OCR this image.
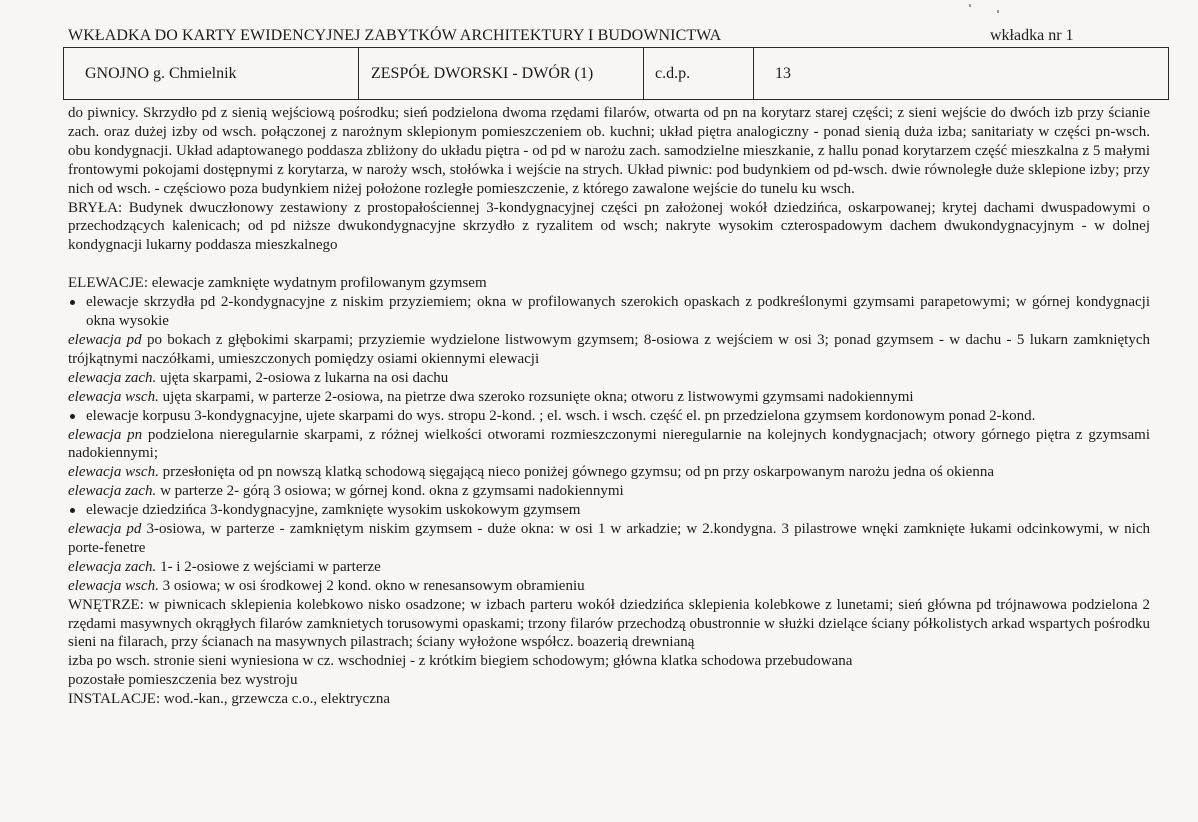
WKŁADKA DO KARTY EWIDENCYJNEJ ZABYTKÓW ARCHITEKTURY I BUDOWNICTWA	wkładka nr 1
GNOJNO g. Chmielnik	ZESPÓŁ DWORSKI - DWÓR (1)	c.d.p.	13
do piwnicy. Skrzydło pd z sienią wejściową pośrodku; sień podzielona dwoma rzędami filarów, otwarta od pn na korytarz starej części; z sieni wejście do dwóch izb przy ścianie zach. oraz dużej izby od wsch. połączonej z narożnym sklepionym pomieszczeniem ob. kuchni; układ piętra analogiczny - ponad sienią duża izba; sanitariaty w części pn-wsch. obu kondygnacji. Układ adaptowanego poddasza zbliżony do układu piętra - od pd w narożu zach. samodzielne mieszkanie, z hallu ponad korytarzem część mieszkalna z 5 małymi frontowymi pokojami dostępnymi z korytarza, w naroży wsch, stołówka i wejście na strych. Układ piwnic: pod budynkiem od pd-wsch. dwie równoległe duże sklepione izby; przy nich od wsch. - częściowo poza budynkiem niżej położone rozległe pomieszczenie, z którego zawalone wejście do tunelu ku wsch.
BRYŁA: Budynek dwuczłonowy zestawiony z prostopałościennej 3-kondygnacyjnej części pn założonej wokół dziedzińca, oskarpowanej; krytej dachami dwuspadowymi o przechodzących kalenicach; od pd niższe dwukondygnacyjne skrzydło z ryzalitem od wsch; nakryte wysokim czterospadowym dachem dwukondygnacyjnym - w dolnej kondygnacji lukarny poddasza mieszkalnego
ELEWACJE: elewacje zamknięte wydatnym profilowanym gzymsem
elewacje skrzydła pd 2-kondygnacyjne z niskim przyziemiem; okna w profilowanych szerokich opaskach z podkreślonymi gzymsami parapetowymi; w górnej kondygnacji okna wysokie
elewacja pd po bokach z głębokimi skarpami; przyziemie wydzielone listwowym gzymsem; 8-osiowa z wejściem w osi 3; ponad gzymsem - w dachu - 5 lukarn zamkniętych trójkątnymi naczółkami, umieszczonych pomiędzy osiami okiennymi elewacji
elewacja zach. ujęta skarpami, 2-osiowa z lukarna na osi dachu
elewacja wsch. ujęta skarpami, w parterze 2-osiowa, na pietrze dwa szeroko rozsunięte okna; otworu z listwowymi gzymsami nadokiennymi
elewacje korpusu 3-kondygnacyjne, ujete skarpami do wys. stropu 2-kond. ; el. wsch. i wsch. część el. pn przedzielona gzymsem kordonowym ponad 2-kond.
elewacja pn podzielona nieregularnie skarpami, z różnej wielkości otworami rozmieszczonymi nieregularnie na kolejnych kondygnacjach; otwory górnego piętra z gzymsami nadokiennymi;
elewacja wsch. przesłonięta od pn nowszą klatką schodową sięgającą nieco poniżej gównego gzymsu; od pn przy oskarpowanym narożu jedna oś okienna
elewacja zach. w parterze 2- górą 3 osiowa; w górnej kond. okna z gzymsami nadokiennymi
elewacje dziedzińca 3-kondygnacyjne, zamknięte wysokim uskokowym gzymsem
elewacja pd 3-osiowa, w parterze - zamkniętym niskim gzymsem - duże okna: w osi 1 w arkadzie; w 2.kondygna. 3 pilastrowe wnęki zamknięte łukami odcinkowymi, w nich porte-fenetre
elewacja zach. 1- i 2-osiowe z wejściami w parterze
elewacja wsch. 3 osiowa; w osi środkowej 2 kond. okno w renesansowym obramieniu
WNĘTRZE: w piwnicach sklepienia kolebkowo nisko osadzone; w izbach parteru wokół dziedzińca sklepienia kolebkowe z lunetami; sień główna pd trójnawowa podzielona 2 rzędami masywnych okrągłych filarów zamknietych torusowymi opaskami; trzony filarów przechodzą obustronnie w służki dzielące ściany półkolistych arkad wspartych pośrodku sieni na filarach, przy ścianach na masywnych pilastrach; ściany wyłożone współcz. boazerią drewnianą
izba po wsch. stronie sieni wyniesiona w cz. wschodniej - z krótkim biegiem schodowym; główna klatka schodowa przebudowana
pozostałe pomieszczenia bez wystroju
INSTALACJE: wod.-kan., grzewcza c.o., elektryczna
